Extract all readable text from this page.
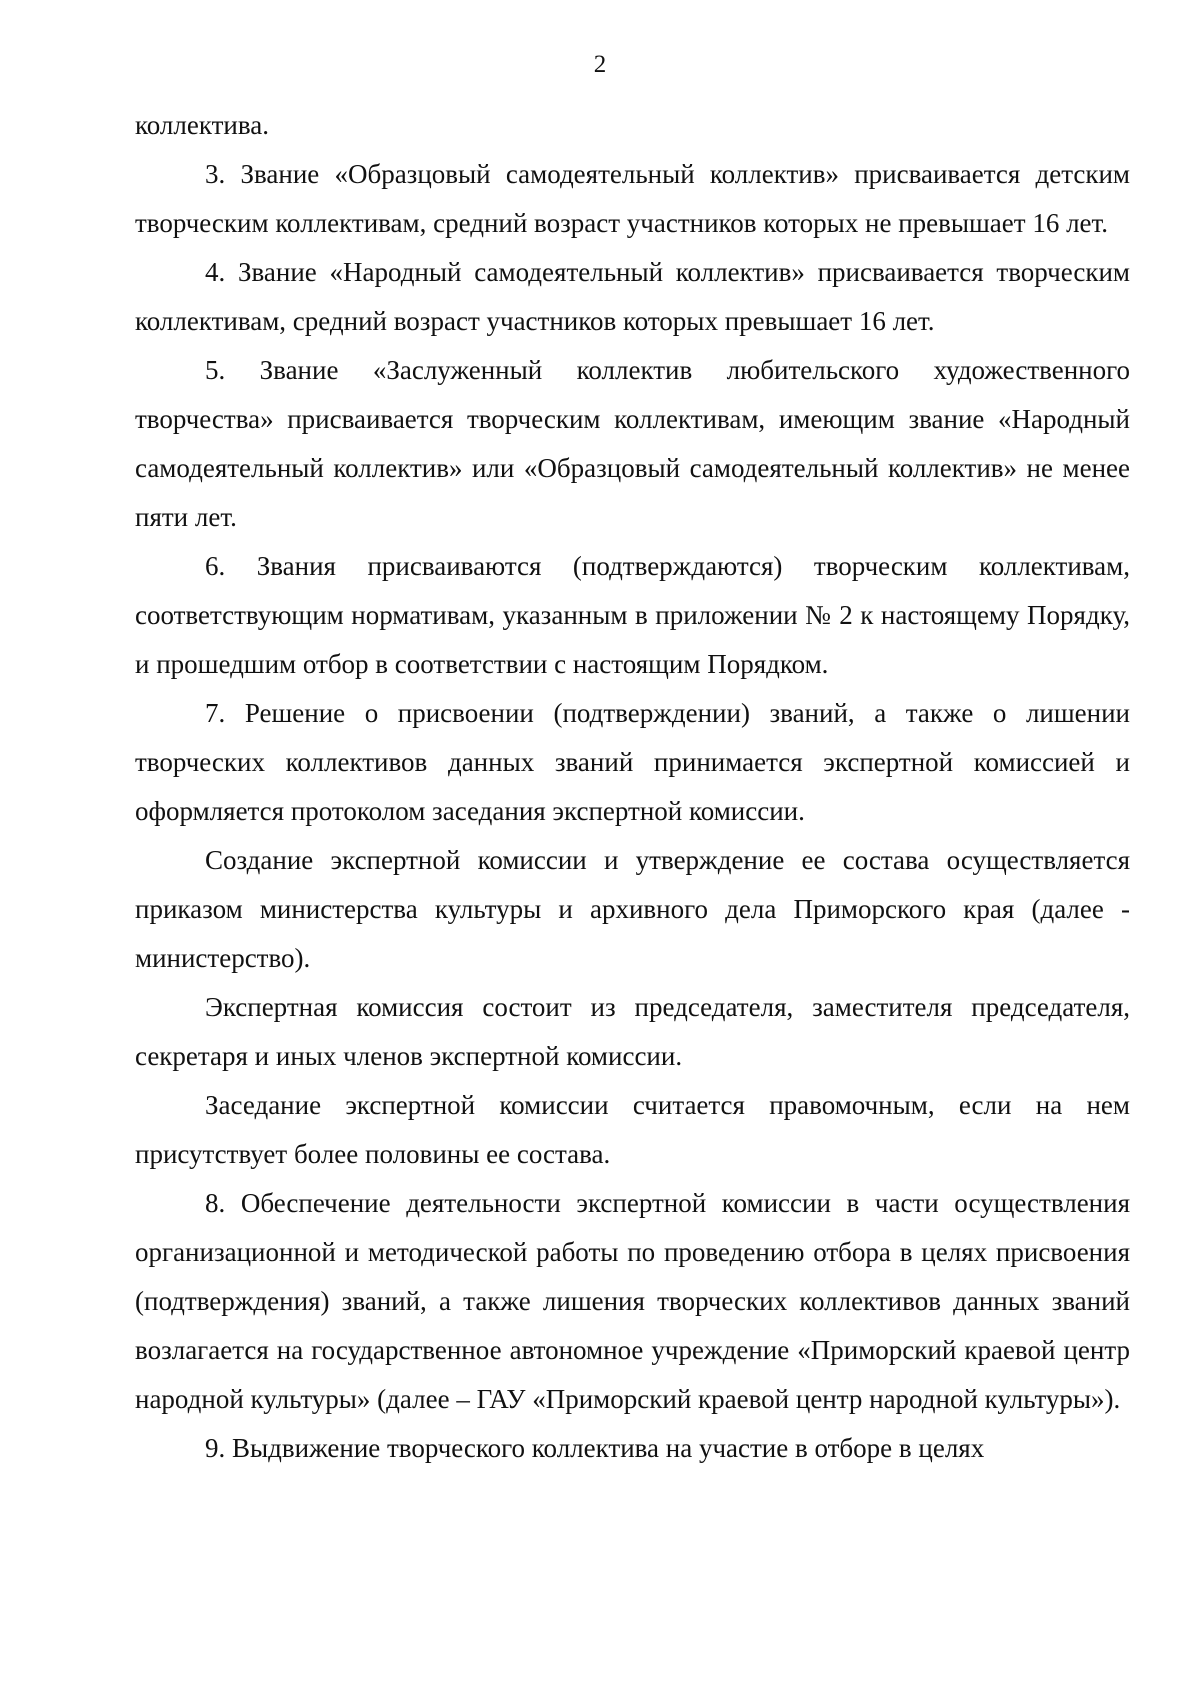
2

коллектива.

3. Звание «Образцовый самодеятельный коллектив» присваивается детским творческим коллективам, средний возраст участников которых не превышает 16 лет.

4. Звание «Народный самодеятельный коллектив» присваивается творческим коллективам, средний возраст участников которых превышает 16 лет.

5. Звание «Заслуженный коллектив любительского художественного творчества» присваивается творческим коллективам, имеющим звание «Народный самодеятельный коллектив» или «Образцовый самодеятельный коллектив» не менее пяти лет.

6. Звания присваиваются (подтверждаются) творческим коллективам, соответствующим нормативам, указанным в приложении № 2 к настоящему Порядку, и прошедшим отбор в соответствии с настоящим Порядком.

7. Решение о присвоении (подтверждении) званий, а также о лишении творческих коллективов данных званий принимается экспертной комиссией и оформляется протоколом заседания экспертной комиссии.

Создание экспертной комиссии и утверждение ее состава осуществляется приказом министерства культуры и архивного дела Приморского края (далее - министерство).

Экспертная комиссия состоит из председателя, заместителя председателя, секретаря и иных членов экспертной комиссии.

Заседание экспертной комиссии считается правомочным, если на нем присутствует более половины ее состава.

8. Обеспечение деятельности экспертной комиссии в части осуществления организационной и методической работы по проведению отбора в целях присвоения (подтверждения) званий, а также лишения творческих коллективов данных званий возлагается на государственное автономное учреждение «Приморский краевой центр народной культуры» (далее – ГАУ «Приморский краевой центр народной культуры»).

9. Выдвижение творческого коллектива на участие в отборе в целях
